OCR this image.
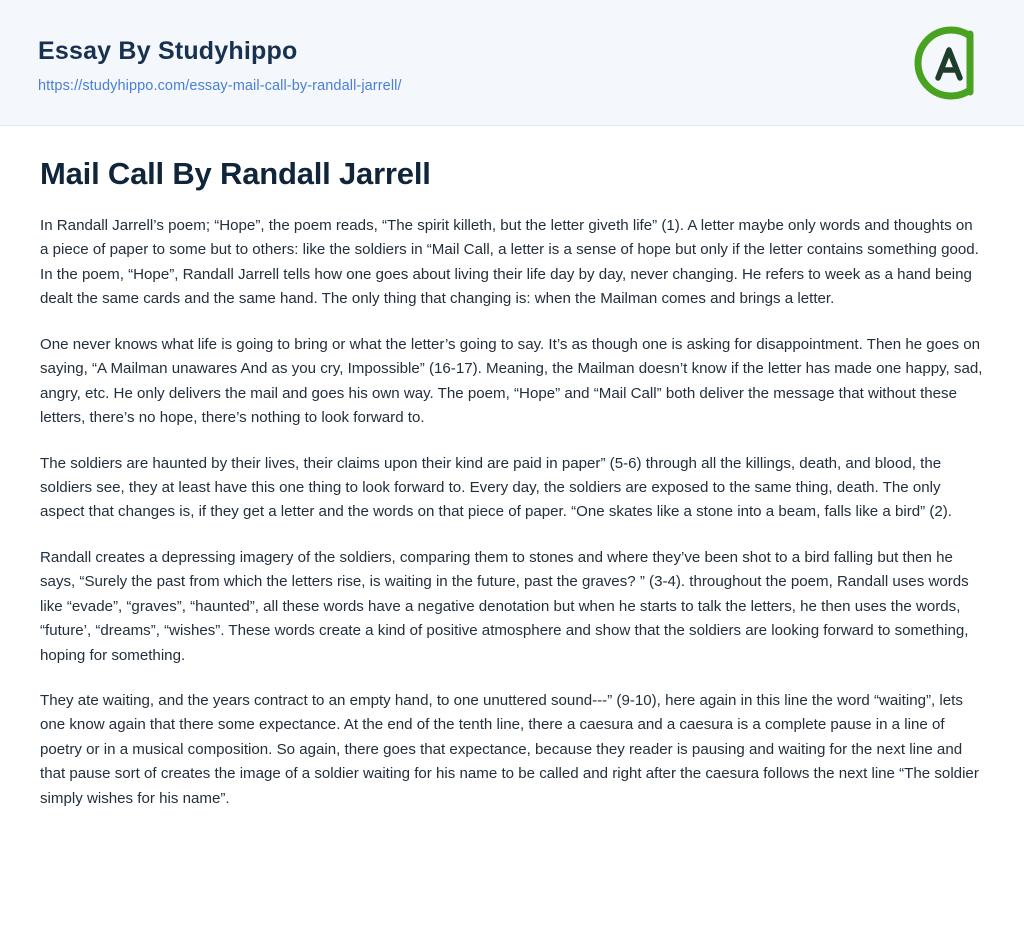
Essay By Studyhippo
https://studyhippo.com/essay-mail-call-by-randall-jarrell/
Mail Call By Randall Jarrell

In Randall Jarrell’s poem; “Hope”, the poem reads, “The spirit killeth, but the letter giveth life” (1). A letter maybe only words and thoughts on a piece of paper to some but to others: like the soldiers in “Mail Call, a letter is a sense of hope but only if the letter contains something good. In the poem, “Hope”, Randall Jarrell tells how one goes about living their life day by day, never changing. He refers to week as a hand being dealt the same cards and the same hand. The only thing that changing is: when the Mailman comes and brings a letter.

One never knows what life is going to bring or what the letter’s going to say. It’s as though one is asking for disappointment. Then he goes on saying, “A Mailman unawares And as you cry, Impossible” (16-17). Meaning, the Mailman doesn’t know if the letter has made one happy, sad, angry, etc. He only delivers the mail and goes his own way. The poem, “Hope” and “Mail Call” both deliver the message that without these letters, there’s no hope, there’s nothing to look forward to.

The soldiers are haunted by their lives, their claims upon their kind are paid in paper” (5-6) through all the killings, death, and blood, the soldiers see, they at least have this one thing to look forward to. Every day, the soldiers are exposed to the same thing, death. The only aspect that changes is, if they get a letter and the words on that piece of paper. “One skates like a stone into a beam, falls like a bird” (2).

Randall creates a depressing imagery of the soldiers, comparing them to stones and where they’ve been shot to a bird falling but then he says, “Surely the past from which the letters rise, is waiting in the future, past the graves? ” (3-4). throughout the poem, Randall uses words like “evade”, “graves”, “haunted”, all these words have a negative denotation but when he starts to talk the letters, he then uses the words, “future’, “dreams”, “wishes”. These words create a kind of positive atmosphere and show that the soldiers are looking forward to something, hoping for something.

They ate waiting, and the years contract to an empty hand, to one unuttered sound---” (9-10), here again in this line the word “waiting”, lets one know again that there some expectance. At the end of the tenth line, there a caesura and a caesura is a complete pause in a line of poetry or in a musical composition. So again, there goes that expectance, because they reader is pausing and waiting for the next line and that pause sort of creates the image of a soldier waiting for his name to be called and right after the caesura follows the next line “The soldier simply wishes for his name”.
